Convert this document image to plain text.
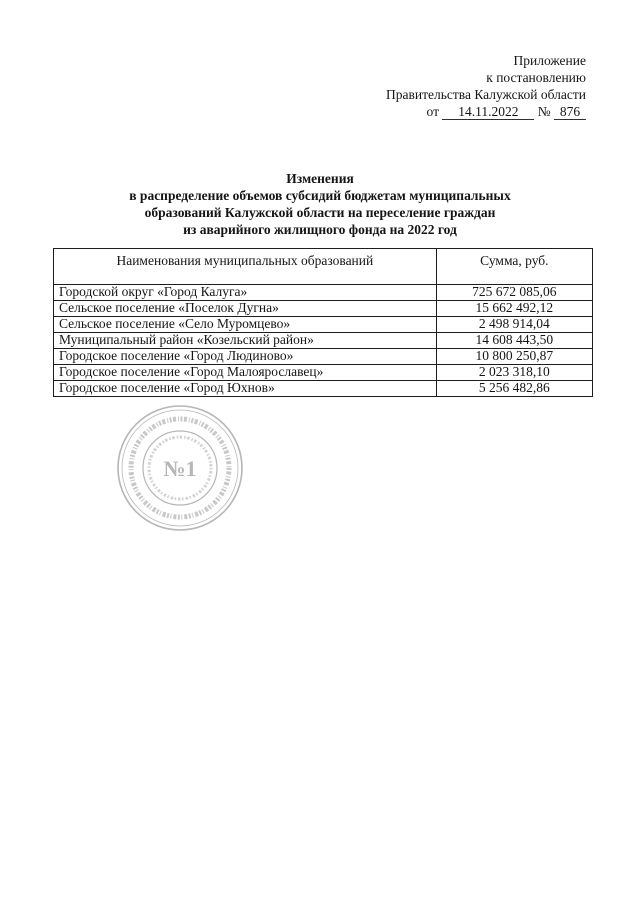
Приложение
к постановлению
Правительства Калужской области
от 14.11.2022 № 876
Изменения
в распределение объемов субсидий бюджетам муниципальных
образований Калужской области на переселение граждан
из аварийного жилищного фонда на 2022 год
Наименования муниципальных образований	Сумма, руб.
Городской округ «Город Калуга»	725 672 085,06
Сельское поселение «Поселок Дугна»	15 662 492,12
Сельское поселение «Село Муромцево»	2 498 914,04
Муниципальный район «Козельский район»	14 608 443,50
Городское поселение «Город Людиново»	10 800 250,87
Городское поселение «Город Малоярославец»	2 023 318,10
Городское поселение «Город Юхнов»	5 256 482,86
№1
